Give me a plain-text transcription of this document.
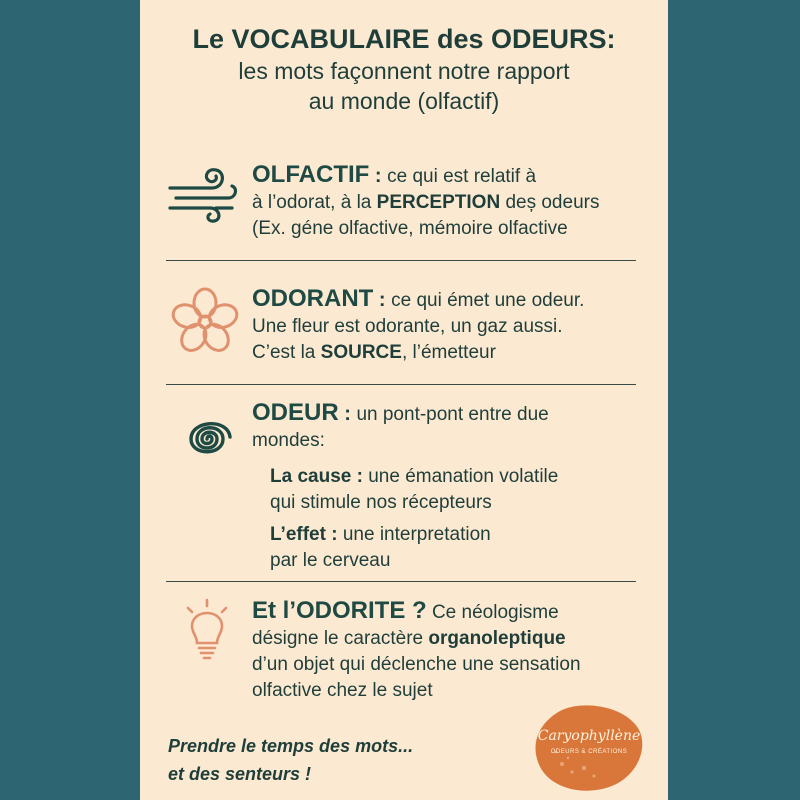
Le VOCABULAIRE des ODEURS:
les mots façonnent notre rapport
au monde (olfactif)
OLFACTIF : ce qui est relatif à
à l’odorat, à la PERCEPTION deș odeurs
(Ex. géne olfactive, mémoire olfactive
ODORANT : ce qui émet une odeur.
Une fleur est odorante, un gaz aussi.
C’est la SOURCE, l’émetteur
ODEUR : un pont-pont entre due
mondes:
La cause : une émanation volatile
qui stimule nos récepteurs
L’effet : une interpretation
par le cerveau
Et l’ODORITE ? Ce néologisme
désigne le caractère organoleptique
d’un objet qui déclenche une sensation
olfactive chez le sujet
Prendre le temps des mots...
et des senteurs !
Caryophyllène
ODEURS & CRÉATIONS
